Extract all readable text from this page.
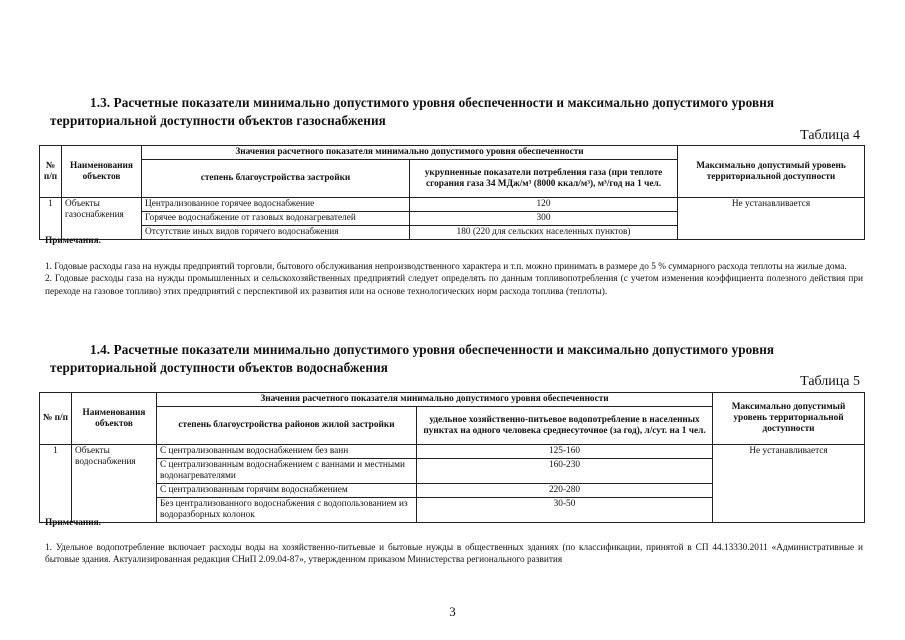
1.3. Расчетные показатели минимально допустимого уровня обеспеченности и максимально допустимого уровня
территориальной доступности объектов газоснабжения
Таблица 4
№ п/п	Наименования объектов	Значения расчетного показателя минимально допустимого уровня обеспеченности		Максимально допустимый уровень территориальной доступности
		степень благоустройства застройки	укрупненные показатели потребления газа (при теплоте сгорания газа 34 МДж/м³ (8000 ккал/м³), м³/год на 1 чел.	
1	Объекты газоснабжения	Централизованное горячее водоснабжение	120	Не устанавливается
		Горячее водоснабжение от газовых водонагревателей	300	
		Отсутствие иных видов горячего водоснабжения	180 (220 для сельских населенных пунктов)	

Примечания.

1. Годовые расходы газа на нужды предприятий торговли, бытового обслуживания непроизводственного характера и т.п. можно принимать в размере до 5 % суммарного расхода теплоты на жилые дома.

2. Годовые расходы газа на нужды промышленных и сельскохозяйственных предприятий следует определять по данным топливопотребления (с учетом изменения коэффициента полезного действия при переходе на газовое топливо) этих предприятий с перспективой их развития или на основе технологических норм расхода топлива (теплоты).

1.4. Расчетные показатели минимально допустимого уровня обеспеченности и максимально допустимого уровня
территориальной доступности объектов водоснабжения
Таблица 5
№ п/п	Наименования объектов	Значения расчетного показателя минимально допустимого уровня обеспеченности		Максимально допустимый уровень территориальной доступности
		степень благоустройства районов жилой застройки	удельное хозяйственно-питьевое водопотребление в населенных пунктах на одного человека среднесуточное (за год), л/сут. на 1 чел.	
1	Объекты водоснабжения	С централизованным водоснабжением без ванн	125-160	Не устанавливается
		С централизованным водоснабжением с ваннами и местными водонагревателями	160-230	
		С централизованным горячим водоснабжением	220-280	
		Без централизованного водоснабжения с водопользованием из водоразборных колонок	30-50	

Примечания.

1. Удельное водопотребление включает расходы воды на хозяйственно-питьевые и бытовые нужды в общественных зданиях (по классификации, принятой в СП 44.13330.2011 «Административные и бытовые здания. Актуализированная редакция СНиП 2.09.04-87», утвержденном приказом Министерства регионального развития

3
